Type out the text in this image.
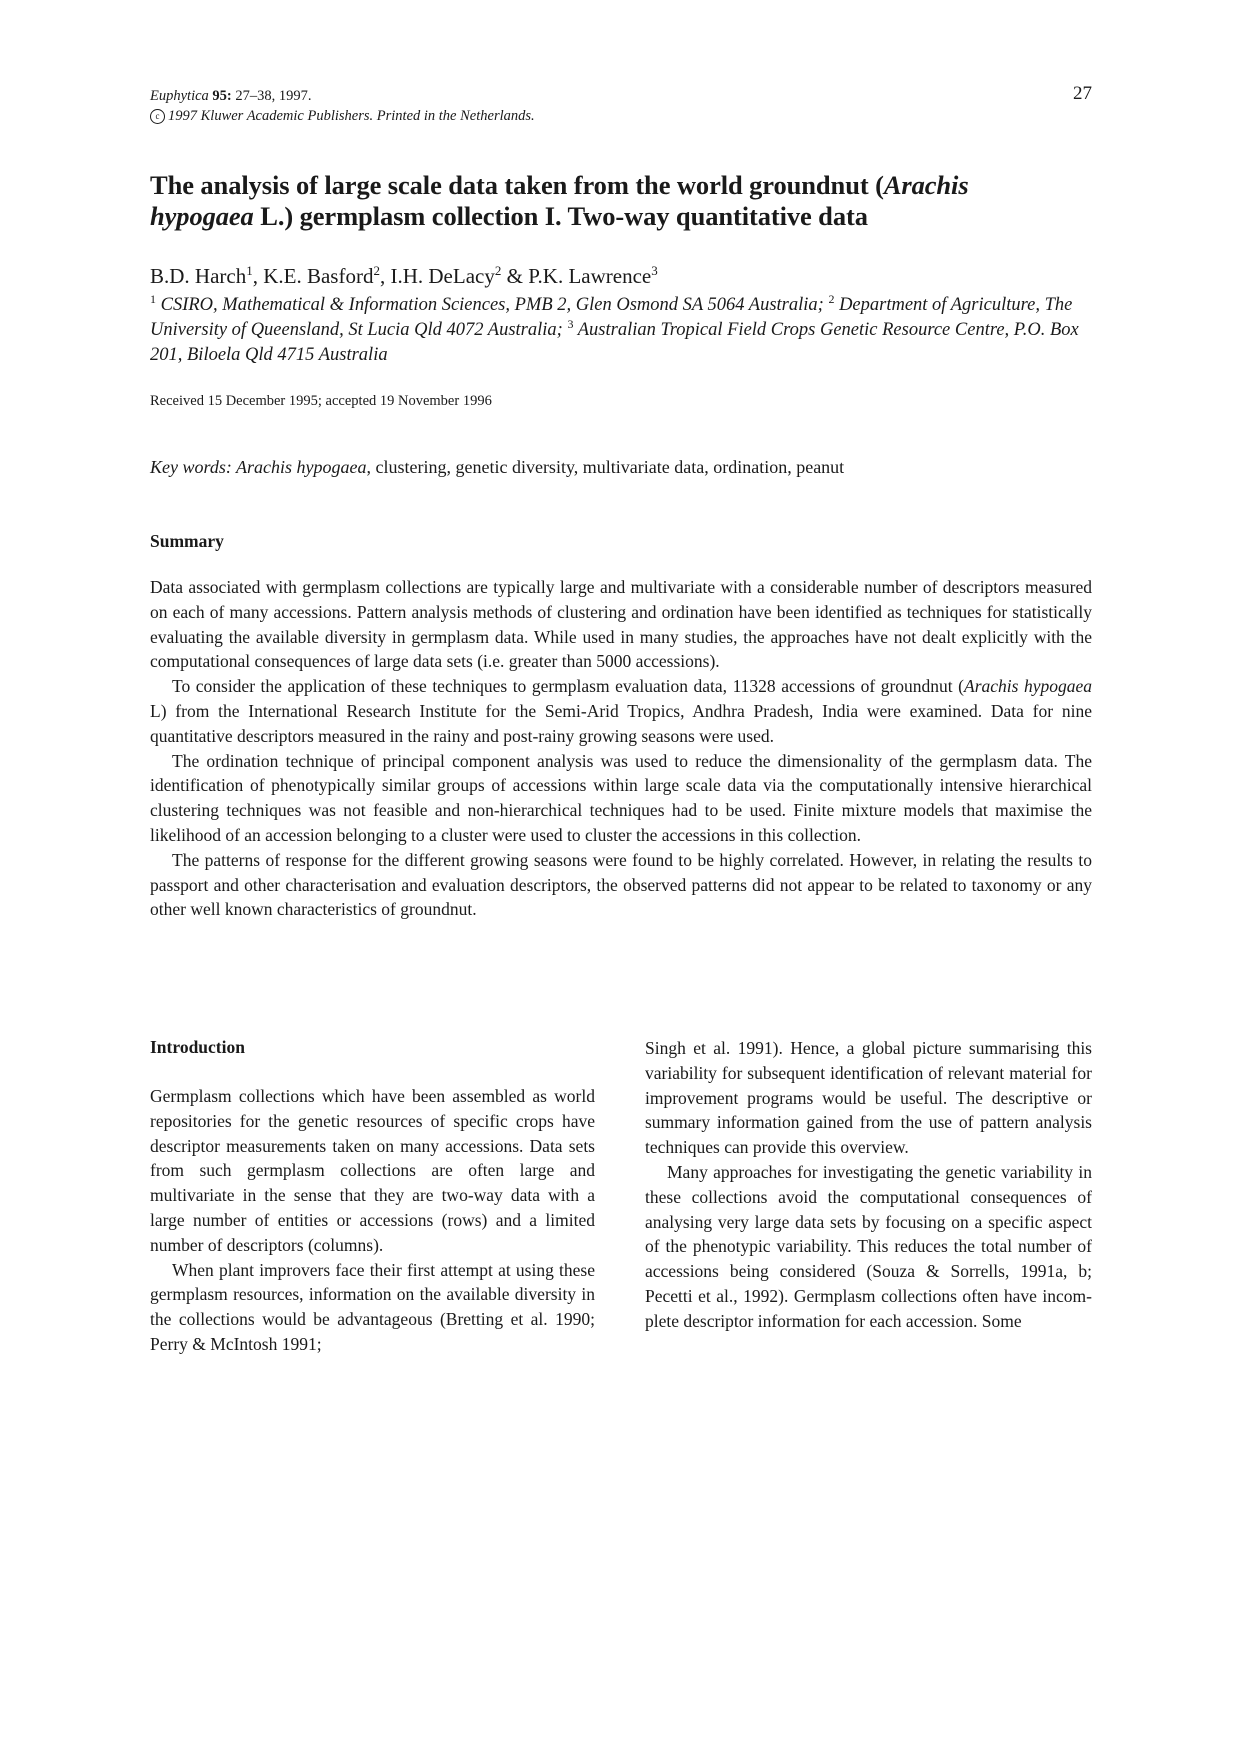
Euphytica 95: 27–38, 1997.
c 1997 Kluwer Academic Publishers. Printed in the Netherlands.
27
The analysis of large scale data taken from the world groundnut (Arachis
hypogaea L.) germplasm collection I. Two-way quantitative data
B.D. Harch$^1$, K.E. Basford$^2$, I.H. DeLacy$^2$ & P.K. Lawrence$^3$
$^1$ CSIRO, Mathematical & Information Sciences, PMB 2, Glen Osmond SA 5064 Australia; $^2$ Department of Agriculture, The University of Queensland, St Lucia Qld 4072 Australia; $^3$ Australian Tropical Field Crops Genetic Resource Centre, P.O. Box 201, Biloela Qld 4715 Australia
Received 15 December 1995; accepted 19 November 1996
Key words: Arachis hypogaea, clustering, genetic diversity, multivariate data, ordination, peanut
Summary

Data associated with germplasm collections are typically large and multivariate with a considerable number of descriptors measured on each of many accessions. Pattern analysis methods of clustering and ordination have been identified as techniques for statistically evaluating the available diversity in germplasm data. While used in many studies, the approaches have not dealt explicitly with the computational consequences of large data sets (i.e. greater than 5000 accessions).

To consider the application of these techniques to germplasm evaluation data, 11328 accessions of groundnut (Arachis hypogaea L) from the International Research Institute for the Semi-Arid Tropics, Andhra Pradesh, India were examined. Data for nine quantitative descriptors measured in the rainy and post-rainy growing seasons were used.

The ordination technique of principal component analysis was used to reduce the dimensionality of the germplasm data. The identification of phenotypically similar groups of accessions within large scale data via the computationally intensive hierarchical clustering techniques was not feasible and non-hierarchical techniques had to be used. Finite mixture models that maximise the likelihood of an accession belonging to a cluster were used to cluster the accessions in this collection.

The patterns of response for the different growing seasons were found to be highly correlated. However, in relating the results to passport and other characterisation and evaluation descriptors, the observed patterns did not appear to be related to taxonomy or any other well known characteristics of groundnut.

Introduction

Germplasm collections which have been assembled as world repositories for the genetic resources of specific crops have descriptor measurements taken on many accessions. Data sets from such germplasm collections are often large and multivariate in the sense that they are two-way data with a large number of entities or accessions (rows) and a limited number of descriptors (columns).

When plant improvers face their first attempt at using these germplasm resources, information on the available diversity in the collections would be advantageous (Bretting et al. 1990; Perry & McIntosh 1991;

Singh et al. 1991). Hence, a global picture summarising this variability for subsequent identification of relevant material for improvement programs would be useful. The descriptive or summary information gained from the use of pattern analysis techniques can provide this overview.

Many approaches for investigating the genetic variability in these collections avoid the computational consequences of analysing very large data sets by focusing on a specific aspect of the phenotypic variability. This reduces the total number of accessions being considered (Souza & Sorrells, 1991a, b; Pecetti et al., 1992). Germplasm collections often have incomplete descriptor information for each accession. Some
